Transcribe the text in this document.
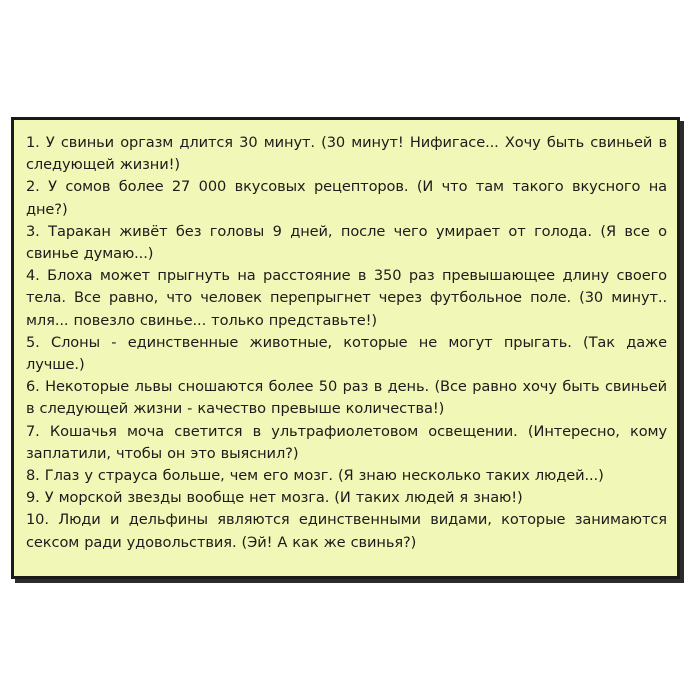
1. У свиньи оргазм длится 30 минут. (30 минут! Нифигасе... Хочу быть свиньей в следующей жизни!)
2. У сомов более 27 000 вкусовых рецепторов. (И что там такого вкусного на дне?)
3. Таракан живёт без головы 9 дней, после чего умирает от голода. (Я все о свинье думаю...)
4. Блоха может прыгнуть на расстояние в 350 раз превышающее длину своего тела. Все равно, что человек перепрыгнет через футбольное поле. (30 минут.. мля... повезло свинье... только представьте!)
5. Слоны - единственные животные, которые не могут прыгать. (Так даже лучше.)
6. Некоторые львы сношаются более 50 раз в день. (Все равно хочу быть свиньей в следующей жизни - качество превыше количества!)
7. Кошачья моча светится в ультрафиолетовом освещении. (Интересно, кому заплатили, чтобы он это выяснил?)
8. Глаз у страуса больше, чем его мозг. (Я знаю несколько таких людей...)
9. У морской звезды вообще нет мозга. (И таких людей я знаю!)
10. Люди и дельфины являются единственными видами, которые занимаются сексом ради удовольствия. (Эй! А как же свинья?)
